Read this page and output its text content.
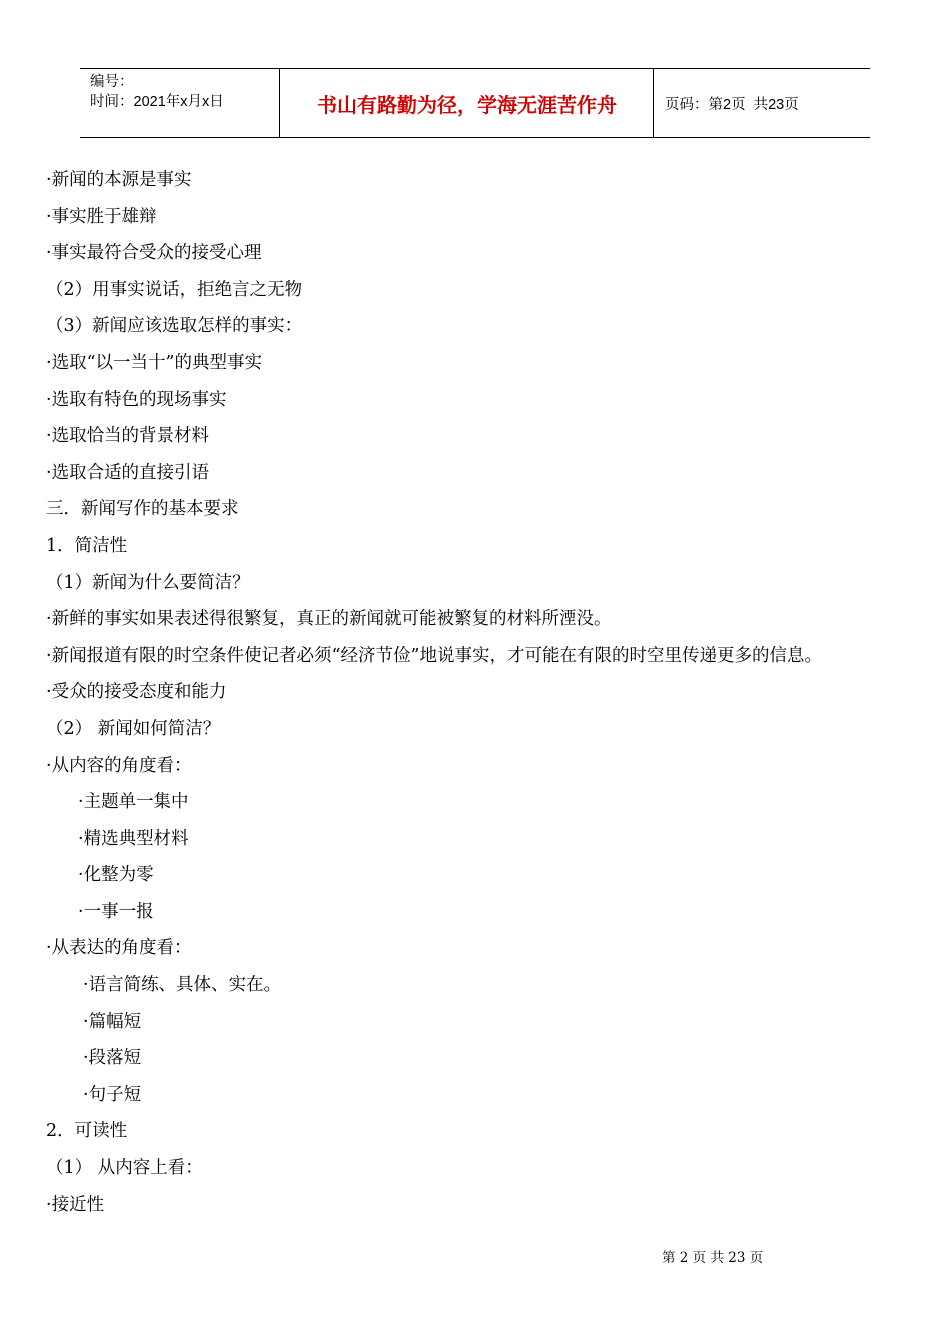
编号：
时间：2021年x月x日	书山有路勤为径，学海无涯苦作舟	页码：第2页  共23页
·新闻的本源是事实
·事实胜于雄辩
·事实最符合受众的接受心理
（2）用事实说话，拒绝言之无物
（3）新闻应该选取怎样的事实：
·选取“以一当十”的典型事实
·选取有特色的现场事实
·选取恰当的背景材料
·选取合适的直接引语
三．新闻写作的基本要求
1．简洁性
（1）新闻为什么要简洁？
·新鲜的事实如果表述得很繁复，真正的新闻就可能被繁复的材料所湮没。
·新闻报道有限的时空条件使记者必须“经济节俭”地说事实，才可能在有限的时空里传递更多的信息。
·受众的接受态度和能力
（2） 新闻如何简洁？
·从内容的角度看：
·主题单一集中
·精选典型材料
·化整为零
·一事一报
·从表达的角度看：
·语言简练、具体、实在。
·篇幅短
·段落短
·句子短
2．可读性
（1） 从内容上看：
·接近性
第 2 页 共 23 页
